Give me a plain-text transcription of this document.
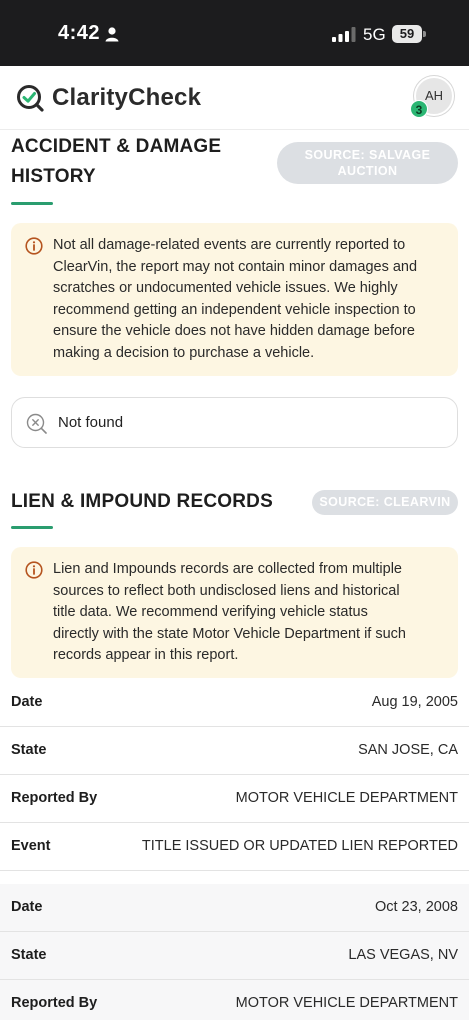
4:42	5G	59
ClarityCheck	AH
3
ACCIDENT & DAMAGE
HISTORY
SOURCE: SALVAGE
AUCTION
Not all damage-related events are currently reported to
ClearVin, the report may not contain minor damages and
scratches or undocumented vehicle issues. We highly
recommend getting an independent vehicle inspection to
ensure the vehicle does not have hidden damage before
making a decision to purchase a vehicle.
Not found
LIEN & IMPOUND RECORDS	SOURCE: CLEARVIN
Lien and Impounds records are collected from multiple
sources to reflect both undisclosed liens and historical
title data. We recommend verifying vehicle status
directly with the state Motor Vehicle Department if such
records appear in this report.
Date	Aug 19, 2005
State	SAN JOSE, CA
Reported By	MOTOR VEHICLE DEPARTMENT
Event	TITLE ISSUED OR UPDATED LIEN REPORTED
Date	Oct 23, 2008
State	LAS VEGAS, NV
Reported By	MOTOR VEHICLE DEPARTMENT
